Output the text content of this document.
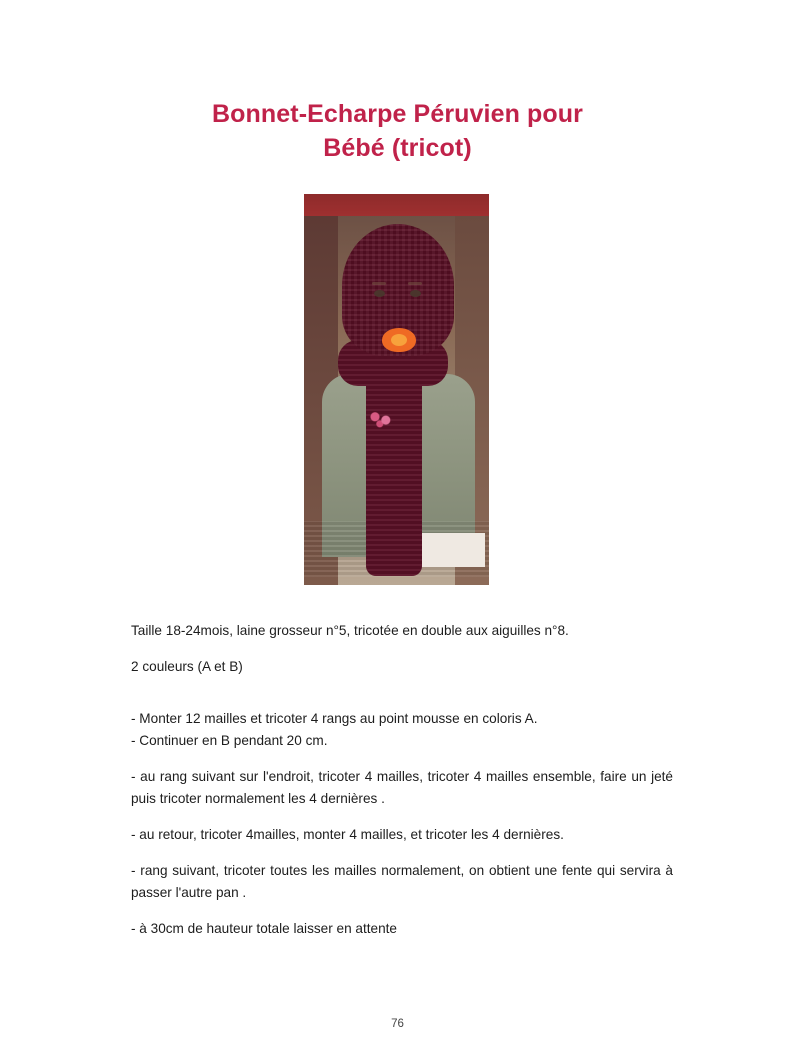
Bonnet-Echarpe Péruvien pour
Bébé (tricot)

Taille 18-24mois, laine grosseur n°5, tricotée en double aux aiguilles n°8.

2 couleurs (A et B)

- Monter 12 mailles et tricoter 4 rangs au point mousse en coloris A.

- Continuer en B pendant 20 cm.

- au rang suivant sur l'endroit, tricoter 4 mailles, tricoter 4 mailles ensemble, faire un jeté puis tricoter normalement les 4 dernières .

- au retour, tricoter 4mailles, monter 4 mailles, et tricoter les 4 dernières.

- rang suivant, tricoter toutes les mailles normalement, on obtient une fente qui servira à passer l'autre pan .

- à 30cm de hauteur totale laisser en attente

76
